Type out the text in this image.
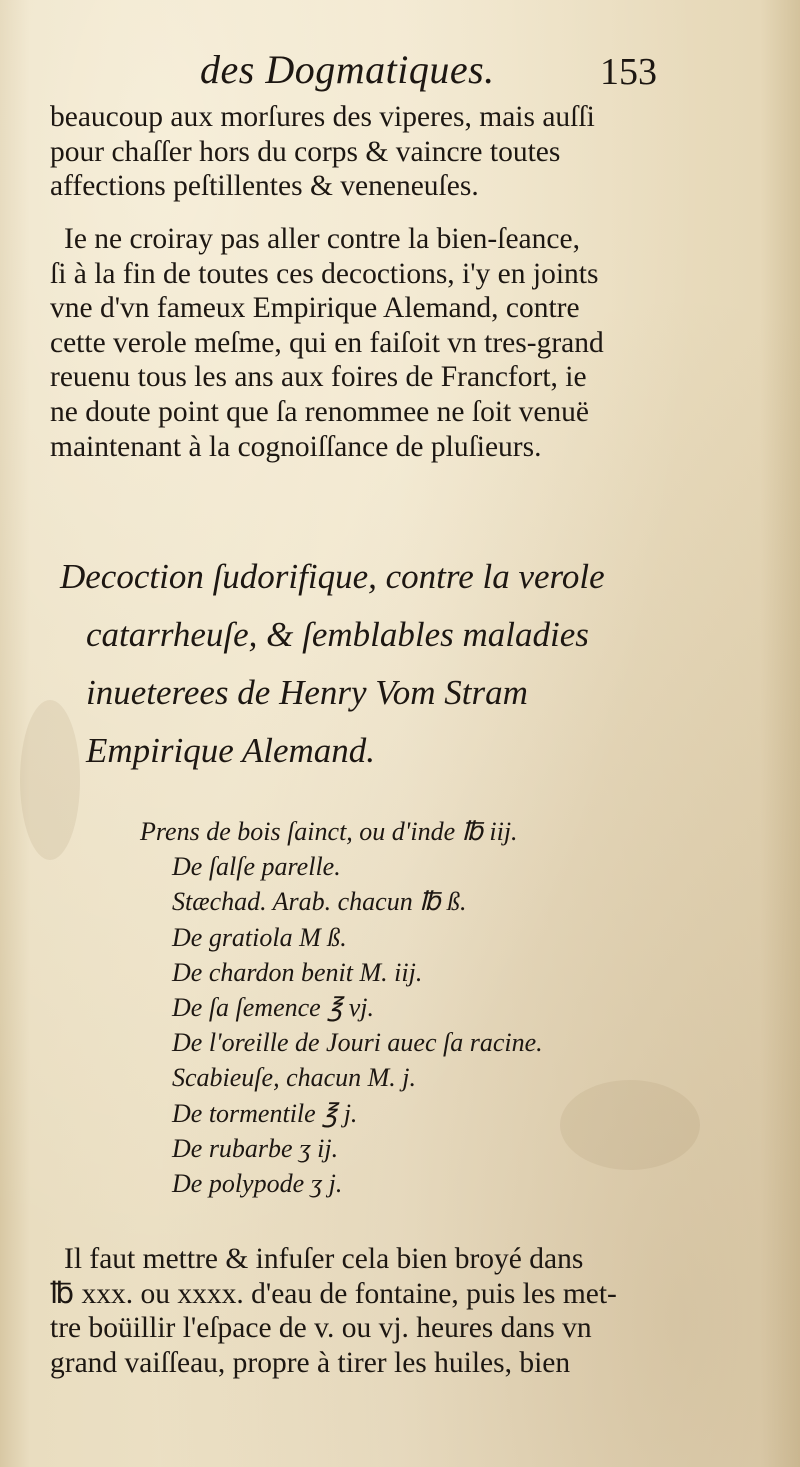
des Dogmatiques.	153
beaucoup aux morſures des viperes, mais auſſi
pour chaſſer hors du corps & vaincre toutes
affections peſtillentes & veneneuſes.
Ie ne croiray pas aller contre la bien-ſeance,
ſi à la fin de toutes ces decoctions, i'y en joints
vne d'vn fameux Empirique Alemand, contre
cette verole meſme, qui en faiſoit vn tres-grand
reuenu tous les ans aux foires de Francfort, ie
ne doute point que ſa renommee ne ſoit venuë
maintenant à la cognoiſſance de pluſieurs.
Decoction ſudorifique, contre la verole
catarrheuſe, & ſemblables maladies
inueterees de Henry Vom Stram
Empirique Alemand.
Prens de bois ſainct, ou d'inde ℔ iij.
De ſalſe parelle.
Stæchad. Arab. chacun ℔ ß.
De gratiola M ß.
De chardon benit M. iij.
De ſa ſemence ℥ vj.
De l'oreille de Jouri auec ſa racine.
Scabieuſe, chacun M. j.
De tormentile ℥ j.
De rubarbe ʒ ij.
De polypode ʒ j.
Il faut mettre & infuſer cela bien broyé dans
℔ xxx. ou xxxx. d'eau de fontaine, puis les met-
tre boüillir l'eſpace de v. ou vj. heures dans vn
grand vaiſſeau, propre à tirer les huiles, bien
